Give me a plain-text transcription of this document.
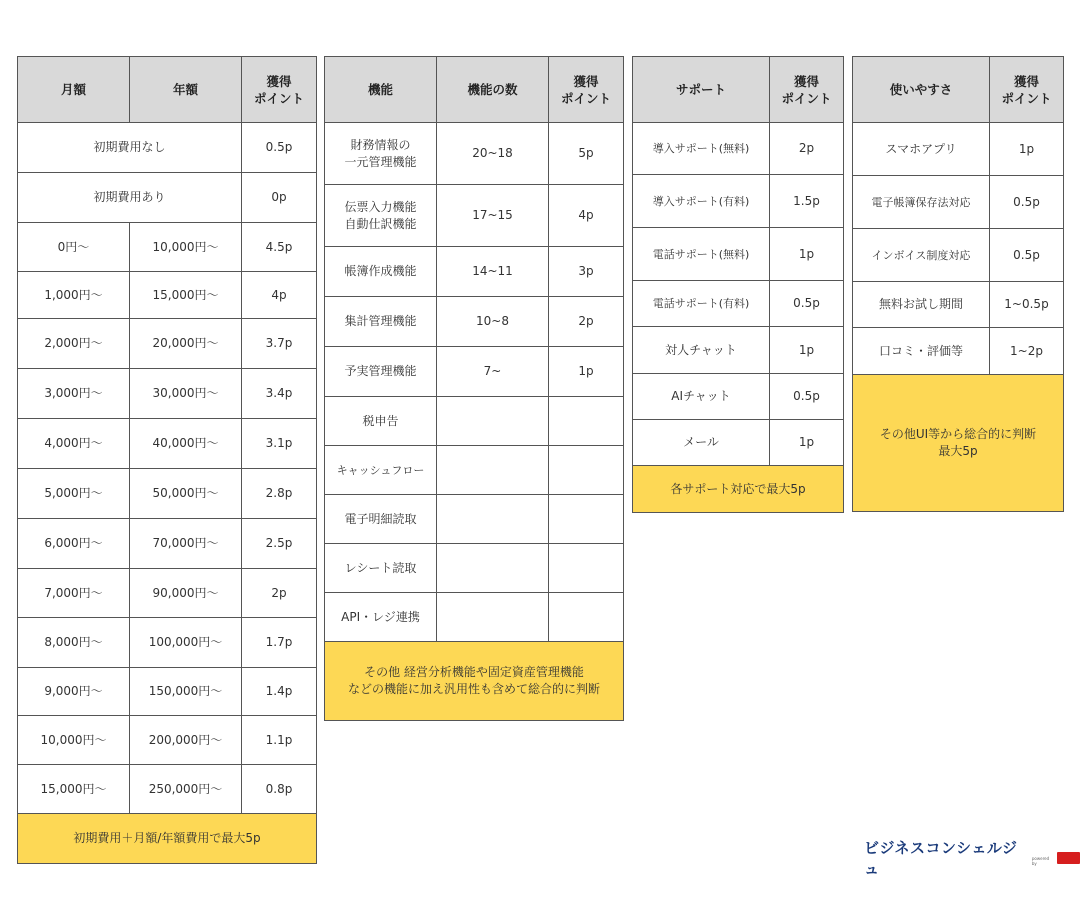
月額	年額	獲得
ポイント
初期費用なし		0.5p
初期費用あり		0p
0円〜	10,000円〜	4.5p
1,000円〜	15,000円〜	4p
2,000円〜	20,000円〜	3.7p
3,000円〜	30,000円〜	3.4p
4,000円〜	40,000円〜	3.1p
5,000円〜	50,000円〜	2.8p
6,000円〜	70,000円〜	2.5p
7,000円〜	90,000円〜	2p
8,000円〜	100,000円〜	1.7p
9,000円〜	150,000円〜	1.4p
10,000円〜	200,000円〜	1.1p
15,000円〜	250,000円〜	0.8p
初期費用＋月額/年額費用で最大5p		
機能	機能の数	獲得
ポイント
財務情報の
一元管理機能	20~18	5p
伝票入力機能
自動仕訳機能	17~15	4p
帳簿作成機能	14~11	3p
集計管理機能	10~8	2p
予実管理機能	7~	1p
税申告		
キャッシュフロー		
電子明細読取		
レシート読取		
API・レジ連携		
その他 経営分析機能や固定資産管理機能
などの機能に加え汎用性も含めて総合的に判断		
サポート	獲得
ポイント
導入サポート(無料)	2p
導入サポート(有料)	1.5p
電話サポート(無料)	1p
電話サポート(有料)	0.5p
対人チャット	1p
AIチャット	0.5p
メール	1p
各サポート対応で最大5p	
使いやすさ	獲得
ポイント
スマホアプリ	1p
電子帳簿保存法対応	0.5p
インボイス制度対応	0.5p
無料お試し期間	1~0.5p
口コミ・評価等	1~2p
その他UI等から総合的に判断
最大5p	
ビジネスコンシェルジュ
powered by
